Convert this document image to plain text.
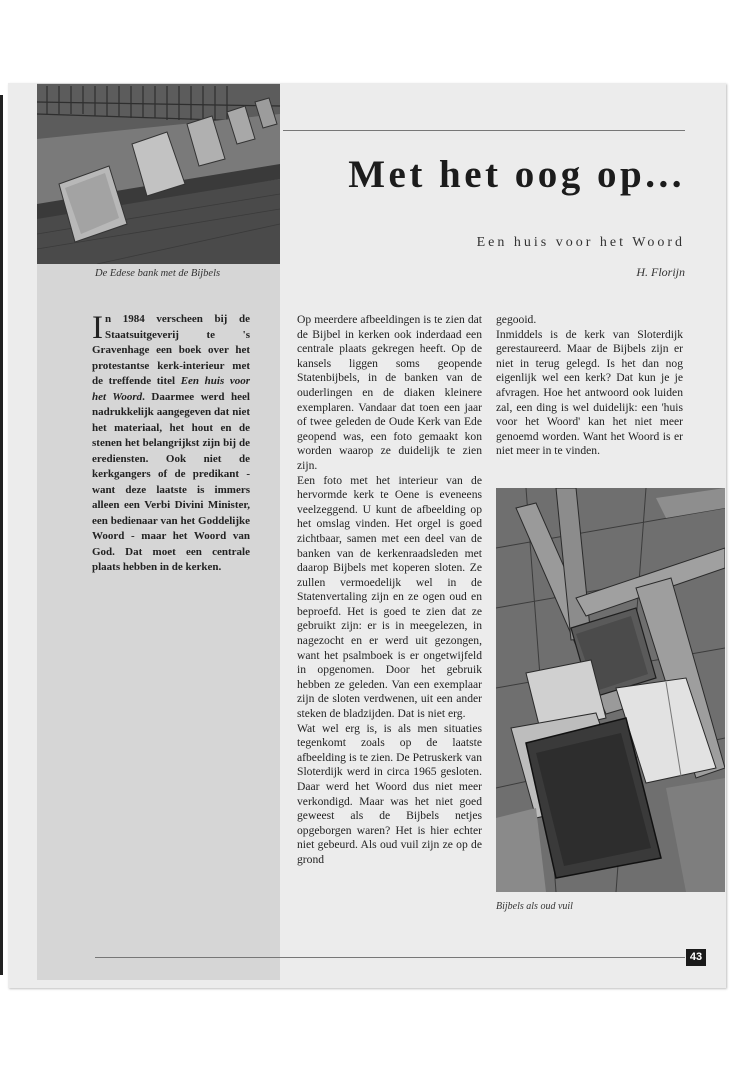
De Edese bank met de Bijbels
Met het oog op...
Een huis voor het Woord
H. Florijn

In 1984 verscheen bij de Staatsuitgeverij te 's Gravenhage een boek over het protestantse kerk-interieur met de treffende titel Een huis voor het Woord. Daarmee werd heel nadrukkelijk aangegeven dat niet het materiaal, het hout en de stenen het belangrijkst zijn bij de erediensten. Ook niet de kerkgangers of de predikant - want deze laatste is immers alleen een Verbi Divini Minister, een bedienaar van het Goddelijke Woord - maar het Woord van God. Dat moet een centrale plaats hebben in de kerken.

Op meerdere afbeeldingen is te zien dat de Bijbel in kerken ook inderdaad een centrale plaats gekregen heeft. Op de kansels liggen soms geopende Statenbijbels, in de banken van de ouderlingen en de diaken kleinere exemplaren. Vandaar dat toen een jaar of twee geleden de Oude Kerk van Ede geopend was, een foto gemaakt kon worden waarop ze duidelijk te zien zijn.

Een foto met het interieur van de hervormde kerk te Oene is eveneens veelzeggend. U kunt de afbeelding op het omslag vinden. Het orgel is goed zichtbaar, samen met een deel van de banken van de kerkenraadsleden met daarop Bijbels met koperen sloten. Ze zullen vermoedelijk wel in de Statenvertaling zijn en ze ogen oud en beproefd. Het is goed te zien dat ze gebruikt zijn: er is in meegelezen, in nagezocht en er werd uit gezongen, want het psalmboek is er ongetwijfeld in opgenomen. Door het gebruik hebben ze geleden. Van een exemplaar zijn de sloten verdwenen, uit een ander steken de bladzijden. Dat is niet erg.

Wat wel erg is, is als men situaties tegenkomt zoals op de laatste afbeelding is te zien. De Petruskerk van Sloterdijk werd in circa 1965 gesloten. Daar werd het Woord dus niet meer verkondigd. Maar was het niet goed geweest als de Bijbels netjes opgeborgen waren? Het is hier echter niet gebeurd. Als oud vuil zijn ze op de grond

gegooid.

Inmiddels is de kerk van Sloterdijk gerestaureerd. Maar de Bijbels zijn er niet in terug gelegd. Is het dan nog eigenlijk wel een kerk? Dat kun je je afvragen. Hoe het antwoord ook luiden zal, een ding is wel duidelijk: een 'huis voor het Woord' kan het niet meer genoemd worden. Want het Woord is er niet meer in te vinden.

Bijbels als oud vuil
43
